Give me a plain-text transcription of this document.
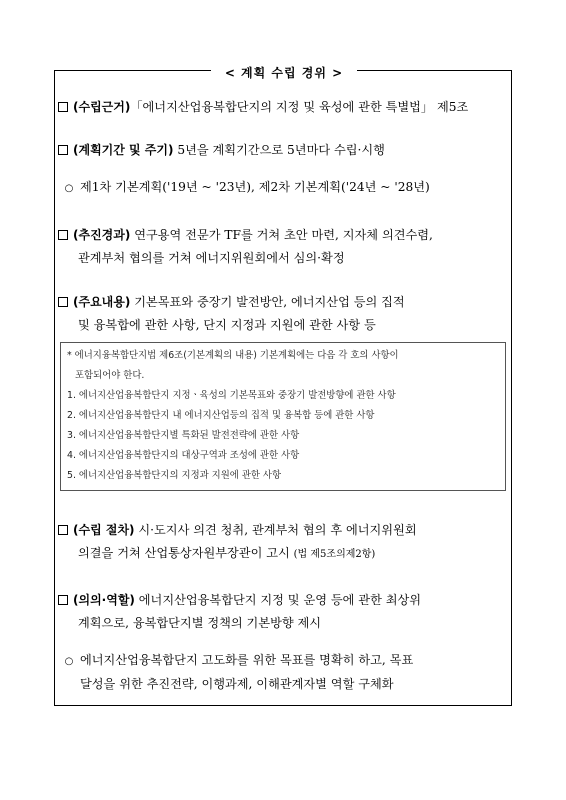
< 계획 수립 경위 >
(수립근거)「에너지산업융복합단지의 지정 및 육성에 관한 특별법」 제5조
(계획기간 및 주기) 5년을 계획기간으로 5년마다 수립·시행
○ 제1차 기본계획('19년 ~ '23년), 제2차 기본계획('24년 ~ '28년)
(추진경과) 연구용역 전문가 TF를 거쳐 초안 마련, 지자체 의견수렴,
관계부처 협의를 거쳐 에너지위원회에서 심의·확정
(주요내용) 기본목표와 중장기 발전방안, 에너지산업 등의 집적
및 융복합에 관한 사항, 단지 지정과 지원에 관한 사항 등
* 에너지융복합단지법 제6조(기본계획의 내용) 기본계획에는 다음 각 호의 사항이
포함되어야 한다.
1. 에너지산업융복합단지 지정ㆍ육성의 기본목표와 중장기 발전방향에 관한 사항
2. 에너지산업융복합단지 내 에너지산업등의 집적 및 융복합 등에 관한 사항
3. 에너지산업융복합단지별 특화된 발전전략에 관한 사항
4. 에너지산업융복합단지의 대상구역과 조성에 관한 사항
5. 에너지산업융복합단지의 지정과 지원에 관한 사항
(수립 절차) 시·도지사 의견 청취, 관계부처 협의 후 에너지위원회
의결을 거쳐 산업통상자원부장관이 고시 (법 제5조의제2항)
(의의·역할) 에너지산업융복합단지 지정 및 운영 등에 관한 최상위
계획으로, 융복합단지별 정책의 기본방향 제시
○ 에너지산업융복합단지 고도화를 위한 목표를 명확히 하고, 목표
달성을 위한 추진전략, 이행과제, 이해관계자별 역할 구체화
